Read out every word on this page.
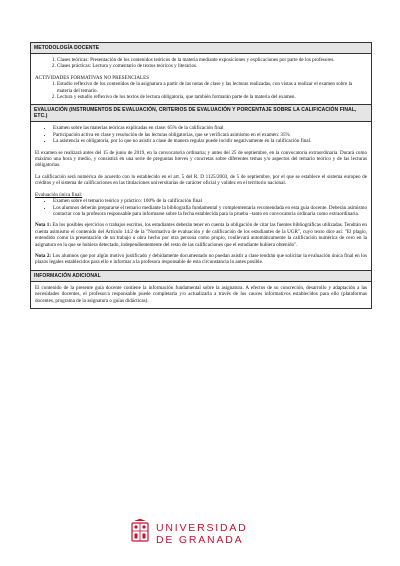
METODOLOGÍA DOCENTE
1. Clases teóricas: Presentación de los contenidos teóricos de la materia mediante exposiciones y explicaciones por parte de los profesores.
2. Clases prácticas: Lectura y comentario de textos teóricos y literarios.

ACTIVIDADES FORMATIVAS NO PRESENCIALES

1. Estudio reflexivo de los contenidos de la asignatura a partir de las notas de clase y las lecturas realizadas, con vistas a realizar el examen sobre la materia del temario.
2. Lectura y estudio reflexivo de los textos de lectura obligatoria, que también formarán parte de la materia del examen.
EVALUACIÓN (INSTRUMENTOS DE EVALUACIÓN, CRITERIOS DE EVALUACIÓN Y PORCENTAJE SOBRE LA CALIFICACIÓN FINAL, ETC.)
• Examen sobre las materias teóricas explicadas en clase: 65% de la calificación final
• Participación activa en clase y resolución de las lecturas obligatorias, que se verificará asimismo en el examen: 35%
• La asistencia es obligatoria, por lo que no asistir a clase de manera regular puede incidir negativamente en la calificación final.

El examen se realizará antes del 15 de junio de 2019, en la convocatoria ordinaria; y antes del 25 de septiembre, en la convocatoria extraordinaria. Durará como máximo una hora y medio, y consistirá en una serie de preguntas breves y concretas sobre diferentes temas y/o aspectos del temario teórico y de las lecturas obligatorias.

La calificación será numérica de acuerdo con lo establecido en el art. 5 del R. D 1125/2003, de 5 de septiembre, por el que se establece el sistema europeo de créditos y el sistema de calificaciones en las titulaciones universitarias de carácter oficial y validez en el territorio nacional.

Evaluación única final:

• Examen sobre el temario teórico y práctico: 100% de la calificación final
• Los alumnos deberán prepararse el temario mediante la bibliografía fundamental y complementaria recomendada en esta guía docente. Deberán asimismo contactar con la profesora responsable para informarse sobre la fecha establecida para la prueba –tanto en convocatoria ordinaria como extraordinaria.

Nota 1: En los posibles ejercicios o trabajos escritos, los estudiantes deberán tener en cuenta la obligación de citar las fuentes bibliográficas utilizadas. Tendrán en cuenta asimismo el contenido del Artículo 14.2 de la "Normativa de evaluación y de calificación de los estudiantes de la UGR", cuyo texto dice así: "El plagio, entendido como la presentación de un trabajo u obra hecho por otra persona como propio, conllevará automáticamente la calificación numérica de cero en la asignatura en la que se hubiera detectado, independientemente del resto de las calificaciones que el estudiante hubiera obtenido".

Nota 2: Los alumnos que por algún motivo justificado y debidamente documentado no puedan asistir a clase tendrán que solicitar la evaluación única final en los plazos legales establecidos para ello e informar a la profesora responsable de esta circunstancia lo antes posible.

INFORMACIÓN ADICIONAL

El contenido de la presente guía docente contiene la información fundamental sobre la asignatura. A efectos de su concreción, desarrollo y adaptación a las necesidades docentes, el profesor/a responsable puede completarla y/o actualizarla a través de los cauces informativos establecidos para ello (plataformas docentes, programa de la asignatura o guías didácticas).

UNIVERSIDAD
DE GRANADA
